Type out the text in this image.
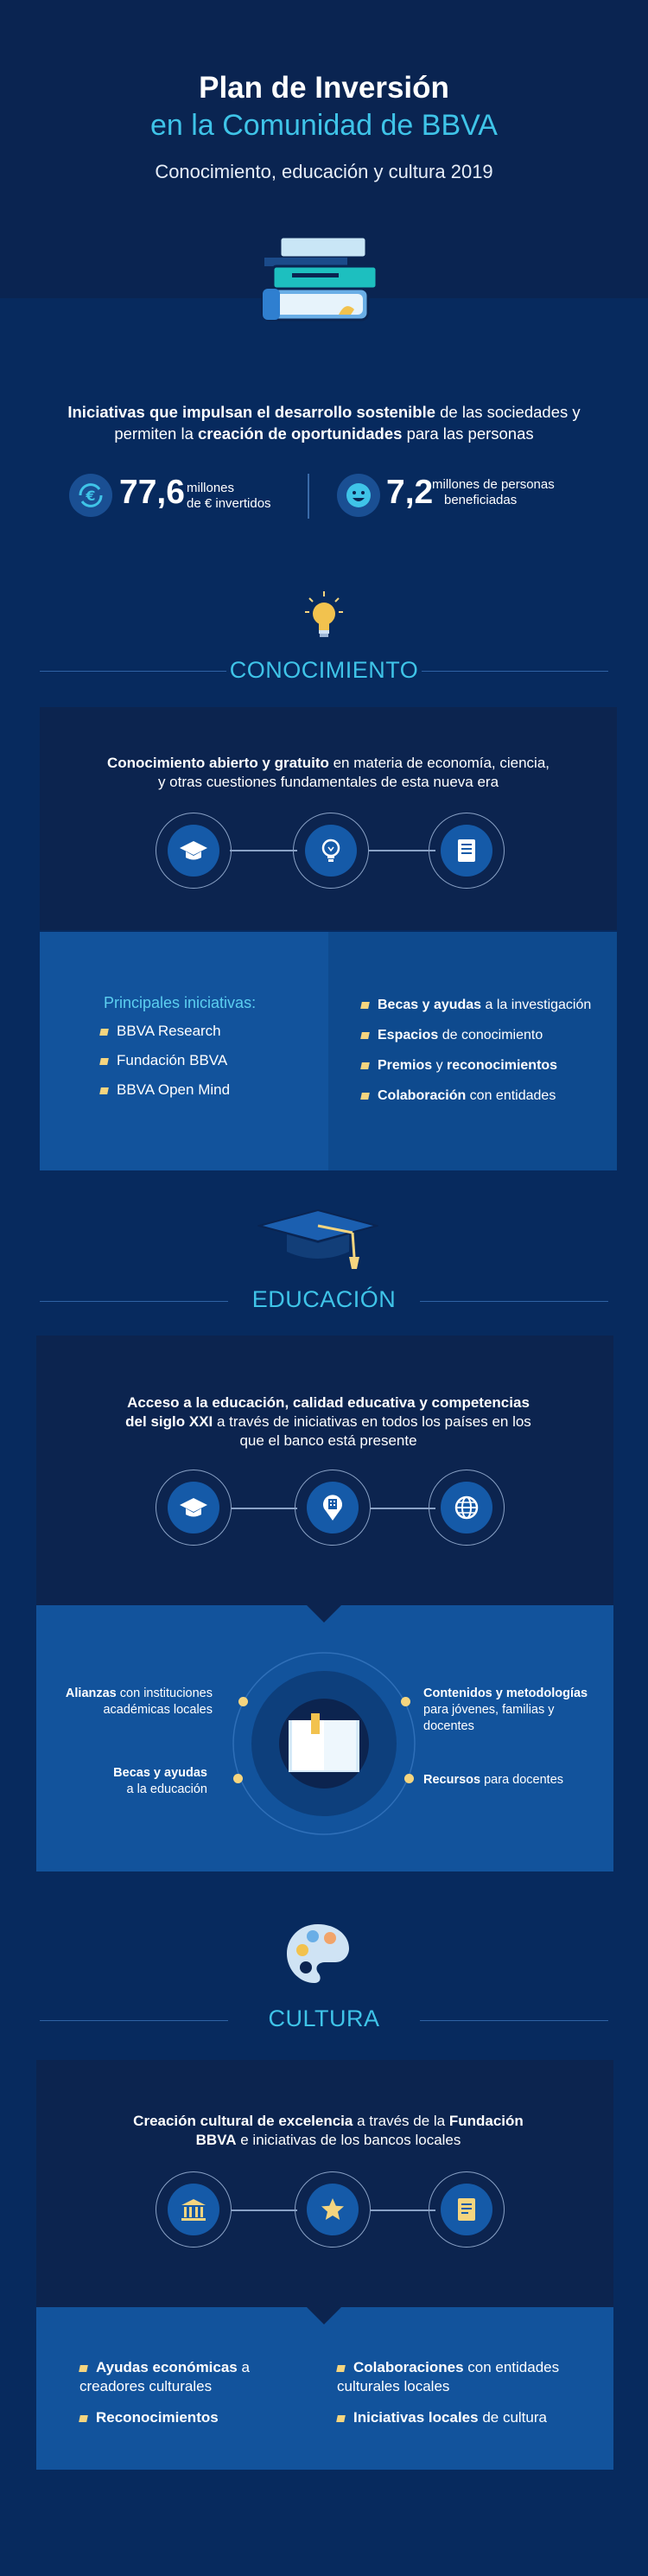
Plan de Inversión
en la Comunidad de BBVA
Conocimiento, educación y cultura 2019
Iniciativas que impulsan el desarrollo sostenible de las sociedades y permiten la creación de oportunidades para las personas
€ 77,6 millones
de € invertidos	7,2
millones de personas
beneficiadas
CONOCIMIENTO
Conocimiento abierto y gratuito en materia de economía, ciencia, y otras cuestiones fundamentales de esta nueva era
Principales iniciativas:
BBVA Research
Fundación BBVA
BBVA Open Mind
Becas y ayudas a la investigación
Espacios de conocimiento
Premios y reconocimientos
Colaboración con entidades
EDUCACIÓN
Acceso a la educación, calidad educativa y competencias del siglo XXI a través de iniciativas en todos los países en los que el banco está presente
Alianzas con instituciones académicas locales
Becas y ayudas
a la educación
Contenidos y metodologías
para jóvenes, familias y docentes
Recursos para docentes
CULTURA
Creación cultural de excelencia a través de la Fundación BBVA e iniciativas de los bancos locales
Ayudas económicas a creadores culturales
Colaboraciones con entidades culturales locales
Reconocimientos	Iniciativas locales de cultura
